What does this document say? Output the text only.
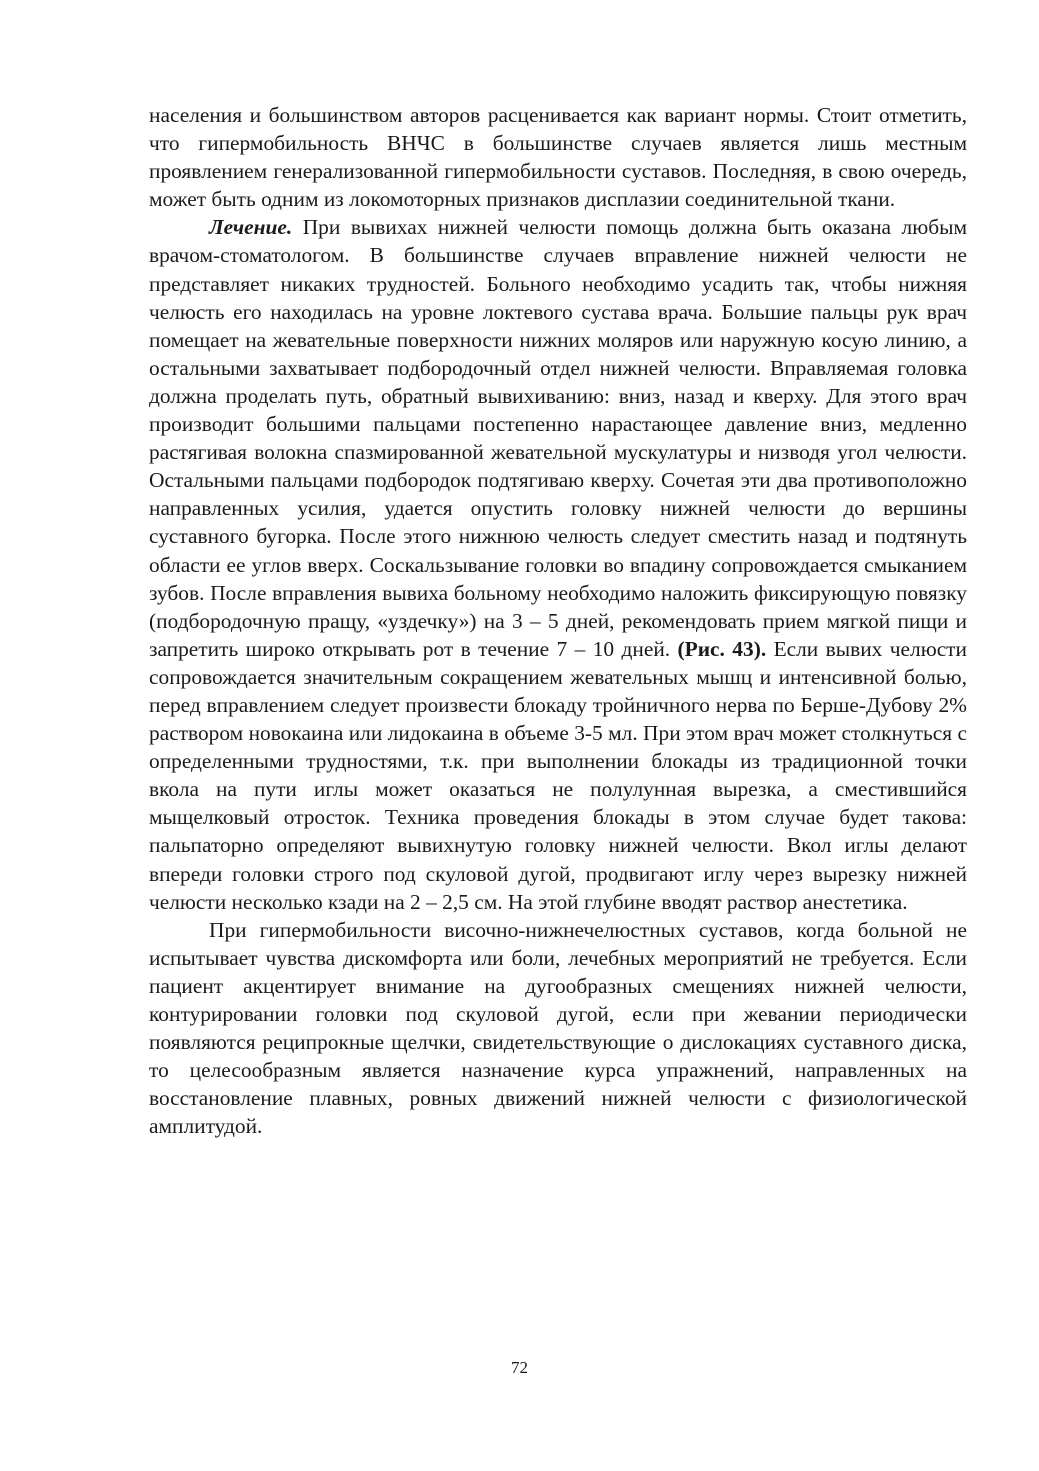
населения и большинством авторов расценивается как вариант нормы. Стоит отметить, что гипермобильность ВНЧС в большинстве случаев является лишь местным проявлением генерализованной гипермобильности суставов. Последняя, в свою очередь, может быть одним из локомоторных признаков дисплазии соединительной ткани.

Лечение. При вывихах нижней челюсти помощь должна быть оказана любым врачом-стоматологом. В большинстве случаев вправление нижней челюсти не представляет никаких трудностей. Больного необходимо усадить так, чтобы нижняя челюсть его находилась на уровне локтевого сустава врача. Большие пальцы рук врач помещает на жевательные поверхности нижних моляров или наружную косую линию, а остальными захватывает подбородочный отдел нижней челюсти. Вправляемая головка должна проделать путь, обратный вывихиванию: вниз, назад и кверху. Для этого врач производит большими пальцами постепенно нарастающее давление вниз, медленно растягивая волокна спазмированной жевательной мускулатуры и низводя угол челюсти. Остальными пальцами подбородок подтягиваю кверху. Сочетая эти два противоположно направленных усилия, удается опустить головку нижней челюсти до вершины суставного бугорка. После этого нижнюю челюсть следует сместить назад и подтянуть области ее углов вверх. Соскальзывание головки во впадину сопровождается смыканием зубов. После вправления вывиха больному необходимо наложить фиксирующую повязку (подбородочную пращу, «уздечку») на 3 – 5 дней, рекомендовать прием мягкой пищи и запретить широко открывать рот в течение 7 – 10 дней. (Рис. 43). Если вывих челюсти сопровождается значительным сокращением жевательных мышц и интенсивной болью, перед вправлением следует произвести блокаду тройничного нерва по Берше-Дубову 2% раствором новокаина или лидокаина в объеме 3-5 мл. При этом врач может столкнуться с определенными трудностями, т.к. при выполнении блокады из традиционной точки вкола на пути иглы может оказаться не полулунная вырезка, а сместившийся мыщелковый отросток. Техника проведения блокады в этом случае будет такова: пальпаторно определяют вывихнутую головку нижней челюсти. Вкол иглы делают впереди головки строго под скуловой дугой, продвигают иглу через вырезку нижней челюсти несколько кзади на 2 – 2,5 см. На этой глубине вводят раствор анестетика.

При гипермобильности височно-нижнечелюстных суставов, когда больной не испытывает чувства дискомфорта или боли, лечебных мероприятий не требуется. Если пациент акцентирует внимание на дугообразных смещениях нижней челюсти, контурировании головки под скуловой дугой, если при жевании периодически появляются реципрокные щелчки, свидетельствующие о дислокациях суставного диска, то целесообразным является назначение курса упражнений, направленных на восстановление плавных, ровных движений нижней челюсти с физиологической амплитудой.

72
